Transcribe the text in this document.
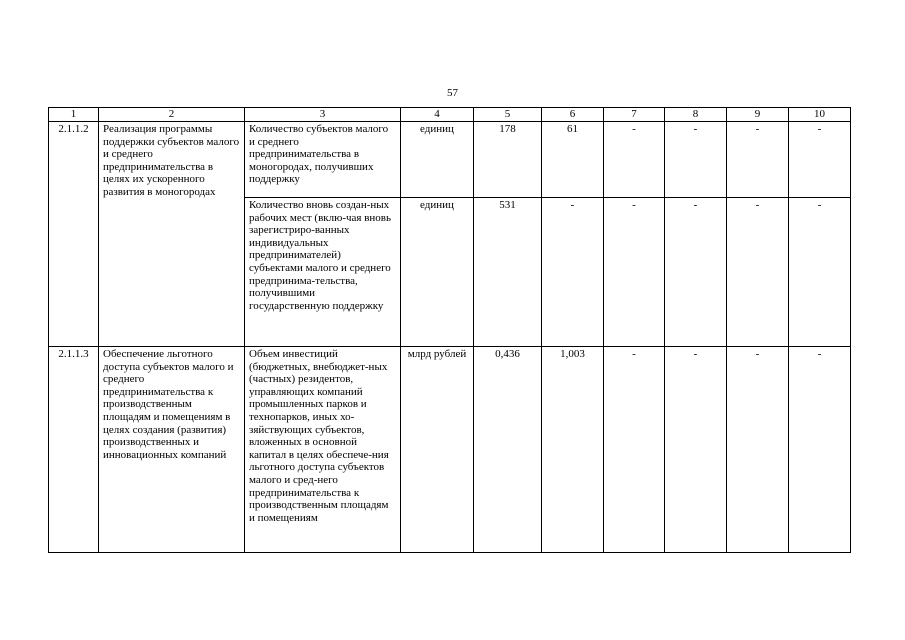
57
1	2	3	4	5	6	7	8	9	10
2.1.1.2	Реализация программы поддержки субъектов малого и среднего предпринимательства в целях их ускоренного развития в моногородах	Количество субъектов малого и среднего предпринимательства в моногородах, получивших поддержку	единиц	178	61	-	-	-	-
		Количество вновь создан-ных рабочих мест (вклю-чая вновь зарегистриро-ванных индивидуальных предпринимателей) субъектами малого и среднего предпринима-тельства, получившими государственную поддержку	единиц	531	-	-	-	-	-
2.1.1.3	Обеспечение льготного доступа субъектов малого и среднего предпринимательства к производственным площадям и помещениям в целях создания (развития) производственных и инновационных компаний	Объем инвестиций (бюджетных, внебюджет-ных (частных) резидентов, управляющих компаний промышленных парков и технопарков, иных хо-зяйствующих субъектов, вложенных в основной капитал в целях обеспече-ния льготного доступа субъектов малого и сред-него предпринимательства к производственным площадям и помещениям	млрд рублей	0,436	1,003	-	-	-	-
